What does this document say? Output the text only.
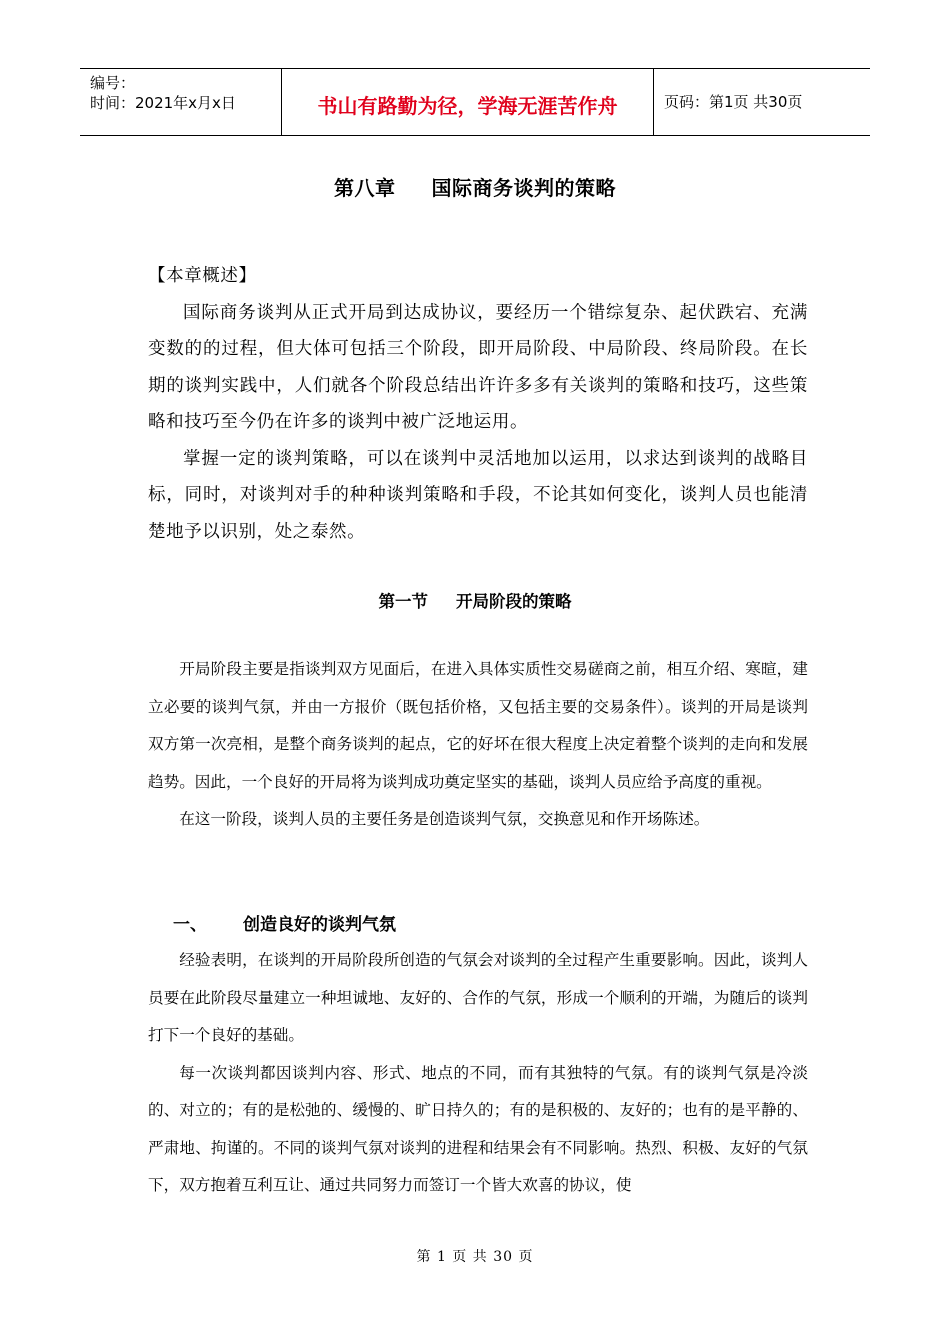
编号：
时间：2021年x月x日	书山有路勤为径，学海无涯苦作舟	页码：第1页 共30页
第八章 国际商务谈判的策略

【本章概述】

国际商务谈判从正式开局到达成协议，要经历一个错综复杂、起伏跌宕、充满变数的的过程，但大体可包括三个阶段，即开局阶段、中局阶段、终局阶段。在长期的谈判实践中，人们就各个阶段总结出许许多多有关谈判的策略和技巧，这些策略和技巧至今仍在许多的谈判中被广泛地运用。

掌握一定的谈判策略，可以在谈判中灵活地加以运用，以求达到谈判的战略目标，同时，对谈判对手的种种谈判策略和手段，不论其如何变化，谈判人员也能清楚地予以识别，处之泰然。

第一节 开局阶段的策略

开局阶段主要是指谈判双方见面后，在进入具体实质性交易磋商之前，相互介绍、寒暄，建立必要的谈判气氛，并由一方报价（既包括价格，又包括主要的交易条件）。谈判的开局是谈判双方第一次亮相，是整个商务谈判的起点，它的好坏在很大程度上决定着整个谈判的走向和发展趋势。因此，一个良好的开局将为谈判成功奠定坚实的基础，谈判人员应给予高度的重视。

在这一阶段，谈判人员的主要任务是创造谈判气氛，交换意见和作开场陈述。

一、 创造良好的谈判气氛

经验表明，在谈判的开局阶段所创造的气氛会对谈判的全过程产生重要影响。因此，谈判人员要在此阶段尽量建立一种坦诚地、友好的、合作的气氛，形成一个顺利的开端，为随后的谈判打下一个良好的基础。

每一次谈判都因谈判内容、形式、地点的不同，而有其独特的气氛。有的谈判气氛是冷淡的、对立的；有的是松弛的、缓慢的、旷日持久的；有的是积极的、友好的；也有的是平静的、严肃地、拘谨的。不同的谈判气氛对谈判的进程和结果会有不同影响。热烈、积极、友好的气氛下，双方抱着互利互让、通过共同努力而签订一个皆大欢喜的协议，使

第 1 页 共 30 页
